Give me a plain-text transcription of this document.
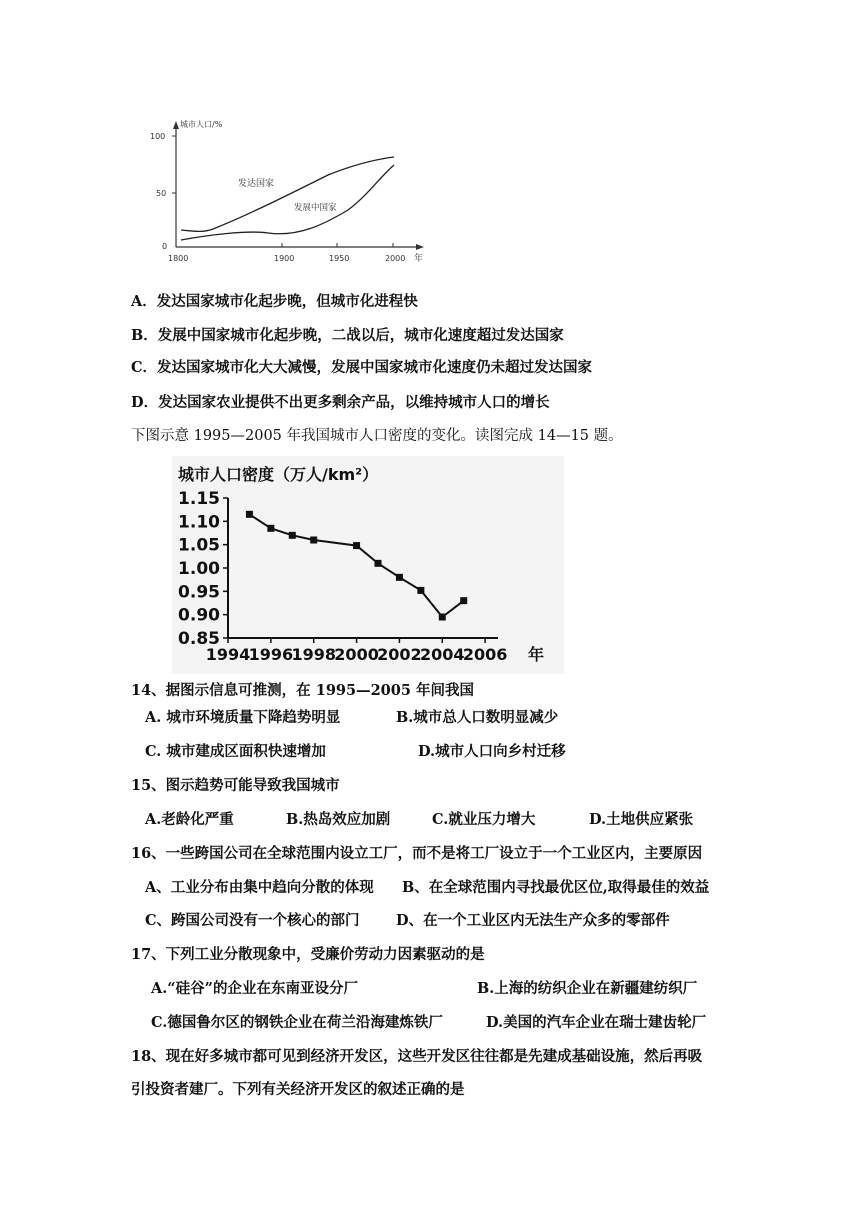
城市人口/%
100
50
0
1800	1900	1950	2000 年
发达国家
发展中国家
A．发达国家城市化起步晚，但城市化进程快
B．发展中国家城市化起步晚，二战以后，城市化速度超过发达国家
C．发达国家城市化大大减慢，发展中国家城市化速度仍未超过发达国家
D．发达国家农业提供不出更多剩余产品，以维持城市人口的增长
下图示意 1995—2005 年我国城市人口密度的变化。读图完成 14—15 题。
城市人口密度（万人/km²）
1.15
1.10
1.05
1.00
0.95
0.90
0.85
1994
1996
1998
2000
2002
2004
2006 年
14、据图示信息可推测，在 1995—2005 年间我国
A. 城市环境质量下降趋势明显	B.城市总人口数明显减少
C. 城市建成区面积快速增加	D.城市人口向乡村迁移
15、图示趋势可能导致我国城市
A.老龄化严重	B.热岛效应加剧	C.就业压力增大	D.土地供应紧张
16、一些跨国公司在全球范围内设立工厂，而不是将工厂设立于一个工业区内，主要原因
A、工业分布由集中趋向分散的体现 B、在全球范围内寻找最优区位,取得最佳的效益
C、跨国公司没有一个核心的部门	D、在一个工业区内无法生产众多的零部件
17、下列工业分散现象中，受廉价劳动力因素驱动的是
A.“硅谷”的企业在东南亚设分厂	B.上海的纺织企业在新疆建纺织厂
C.德国鲁尔区的钢铁企业在荷兰沿海建炼铁厂	D.美国的汽车企业在瑞士建齿轮厂
18、现在好多城市都可见到经济开发区，这些开发区往往都是先建成基础设施，然后再吸
引投资者建厂。下列有关经济开发区的叙述正确的是
